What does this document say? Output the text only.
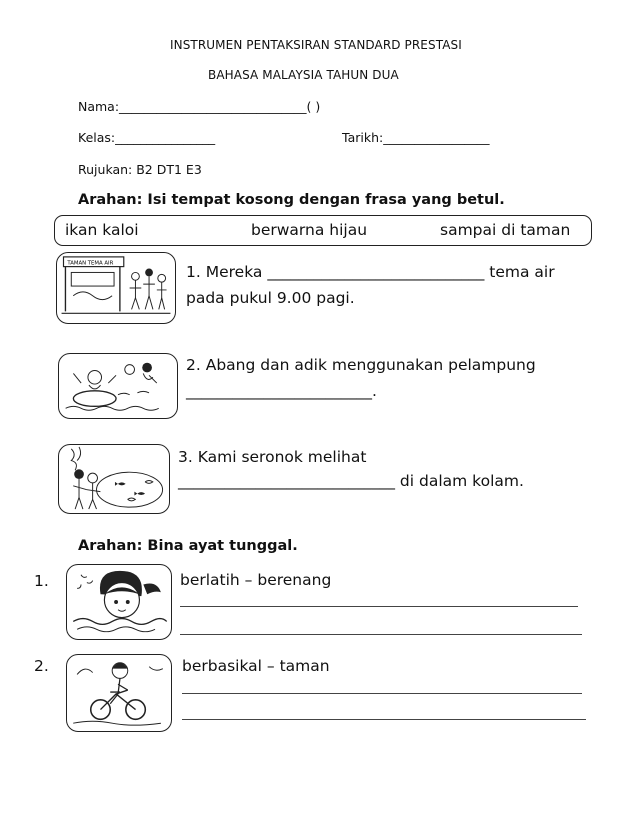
INSTRUMEN PENTAKSIRAN STANDARD PRESTASI
BAHASA MALAYSIA TAHUN DUA
Nama:______________________________( )
Kelas:________________	Tarikh:_________________
Rujukan: B2 DT1 E3
Arahan: Isi tempat kosong dengan frasa yang betul.
ikan kaloi	berwarna hijau	sampai di taman
TAMAN TEMA AIR	1. Mereka ____________________________ tema air
pada pukul 9.00 pagi.
2. Abang dan adik menggunakan pelampung
________________________.
3. Kami seronok melihat
____________________________ di dalam kolam.
Arahan: Bina ayat tunggal.
1.	berlatih – berenang
2.	berbasikal – taman
